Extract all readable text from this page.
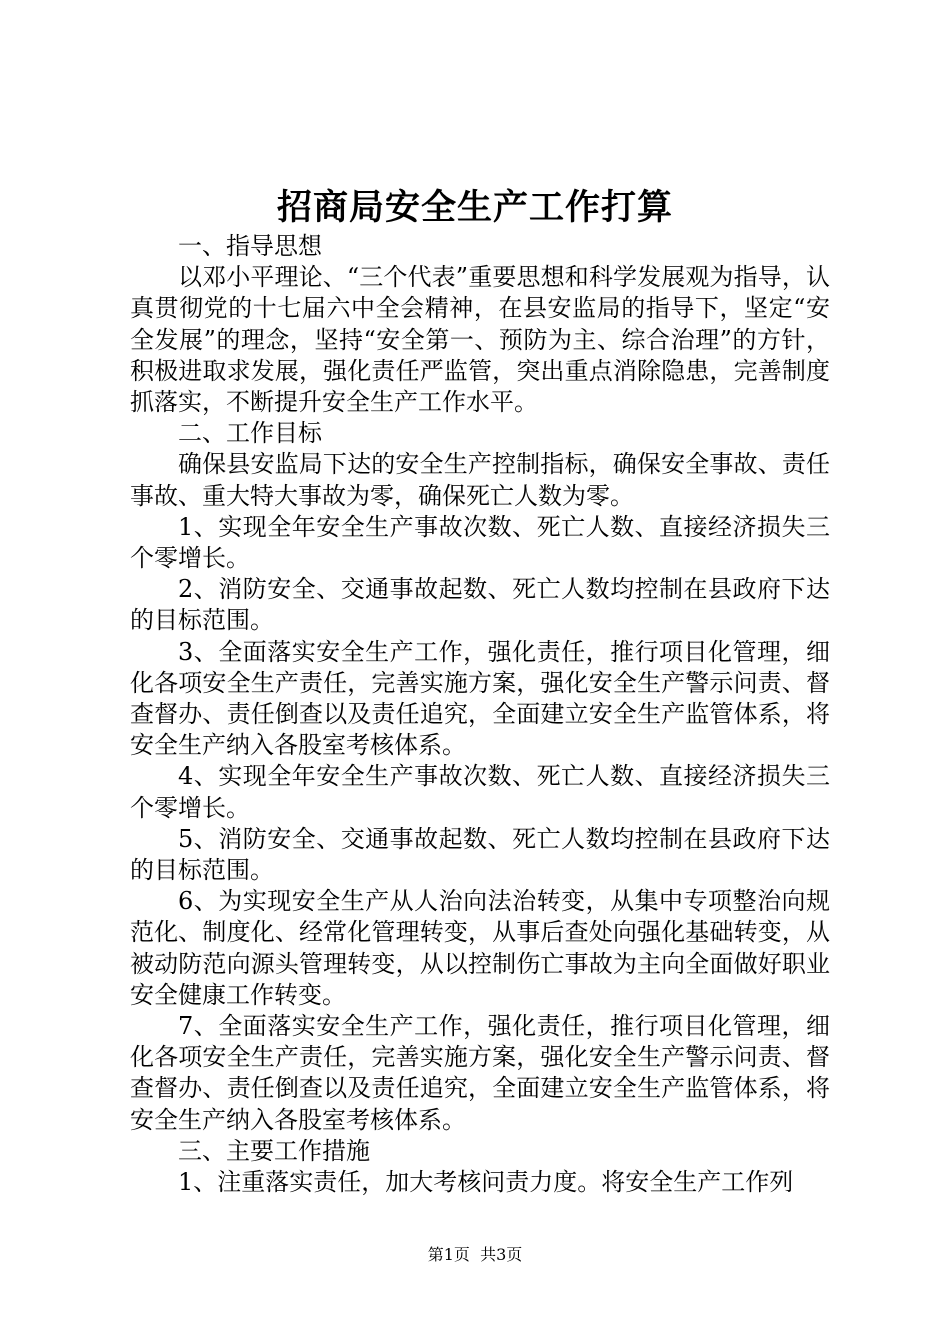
招商局安全生产工作打算

一、指导思想

以邓小平理论、“三个代表”重要思想和科学发展观为指导，认真贯彻党的十七届六中全会精神，在县安监局的指导下，坚定“安全发展”的理念，坚持“安全第一、预防为主、综合治理”的方针，积极进取求发展，强化责任严监管，突出重点消除隐患，完善制度抓落实，不断提升安全生产工作水平。

二、工作目标

确保县安监局下达的安全生产控制指标，确保安全事故、责任事故、重大特大事故为零，确保死亡人数为零。

1、实现全年安全生产事故次数、死亡人数、直接经济损失三个零增长。

2、消防安全、交通事故起数、死亡人数均控制在县政府下达的目标范围。

3、全面落实安全生产工作，强化责任，推行项目化管理，细化各项安全生产责任，完善实施方案，强化安全生产警示问责、督查督办、责任倒查以及责任追究，全面建立安全生产监管体系，将安全生产纳入各股室考核体系。

4、实现全年安全生产事故次数、死亡人数、直接经济损失三个零增长。

5、消防安全、交通事故起数、死亡人数均控制在县政府下达的目标范围。

6、为实现安全生产从人治向法治转变，从集中专项整治向规范化、制度化、经常化管理转变，从事后查处向强化基础转变，从被动防范向源头管理转变，从以控制伤亡事故为主向全面做好职业安全健康工作转变。

7、全面落实安全生产工作，强化责任，推行项目化管理，细化各项安全生产责任，完善实施方案，强化安全生产警示问责、督查督办、责任倒查以及责任追究，全面建立安全生产监管体系，将安全生产纳入各股室考核体系。

三、主要工作措施

1、注重落实责任，加大考核问责力度。将安全生产工作列

第1页 共3页
